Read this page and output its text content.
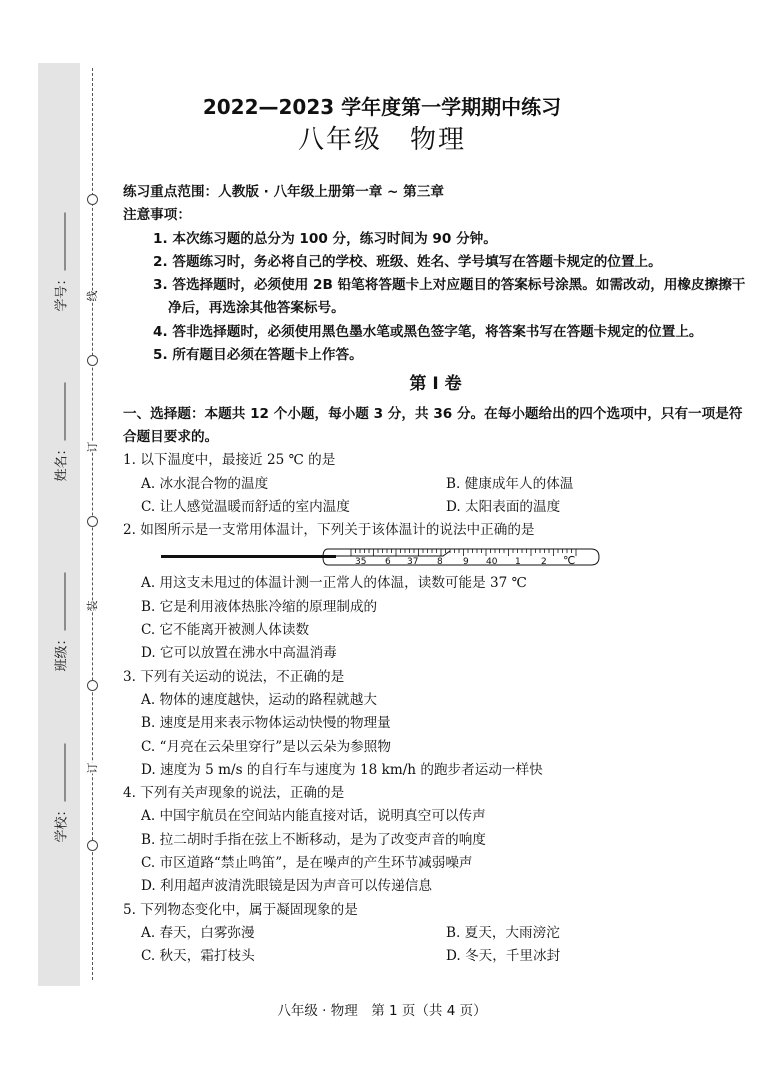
线
订
装
订
学号：
姓名：
班级：
学校：
2022—2023 学年度第一学期期中练习
八年级　物理
练习重点范围：人教版 · 八年级上册第一章 ~ 第三章
注意事项：
1. 本次练习题的总分为 100 分，练习时间为 90 分钟。
2. 答题练习时，务必将自己的学校、班级、姓名、学号填写在答题卡规定的位置上。
3. 答选择题时，必须使用 2B 铅笔将答题卡上对应题目的答案标号涂黑。如需改动，用橡皮擦擦干净后，再选涂其他答案标号。
4. 答非选择题时，必须使用黑色墨水笔或黑色签字笔，将答案书写在答题卡规定的位置上。
5. 所有题目必须在答题卡上作答。
第 Ⅰ 卷
一、选择题：本题共 12 个小题，每小题 3 分，共 36 分。在每小题给出的四个选项中，只有一项是符合题目要求的。
1. 以下温度中，最接近 25 ℃ 的是
A. 冰水混合物的温度	B. 健康成年人的体温
C. 让人感觉温暖而舒适的室内温度	D. 太阳表面的温度
2. 如图所示是一支常用体温计，下列关于该体温计的说法中正确的是
35 6 37 8 9 40 1 2 ℃
A. 用这支未甩过的体温计测一正常人的体温，读数可能是 37 ℃
B. 它是利用液体热胀冷缩的原理制成的
C. 它不能离开被测人体读数
D. 它可以放置在沸水中高温消毒
3. 下列有关运动的说法，不正确的是
A. 物体的速度越快，运动的路程就越大
B. 速度是用来表示物体运动快慢的物理量
C. “月亮在云朵里穿行”是以云朵为参照物
D. 速度为 5 m/s 的自行车与速度为 18 km/h 的跑步者运动一样快
4. 下列有关声现象的说法，正确的是
A. 中国宇航员在空间站内能直接对话，说明真空可以传声
B. 拉二胡时手指在弦上不断移动，是为了改变声音的响度
C. 市区道路“禁止鸣笛”，是在噪声的产生环节减弱噪声
D. 利用超声波清洗眼镜是因为声音可以传递信息
5. 下列物态变化中，属于凝固现象的是
A. 春天，白雾弥漫	B. 夏天，大雨滂沱
C. 秋天，霜打枝头	D. 冬天，千里冰封
八年级 · 物理　第 1 页（共 4 页）
